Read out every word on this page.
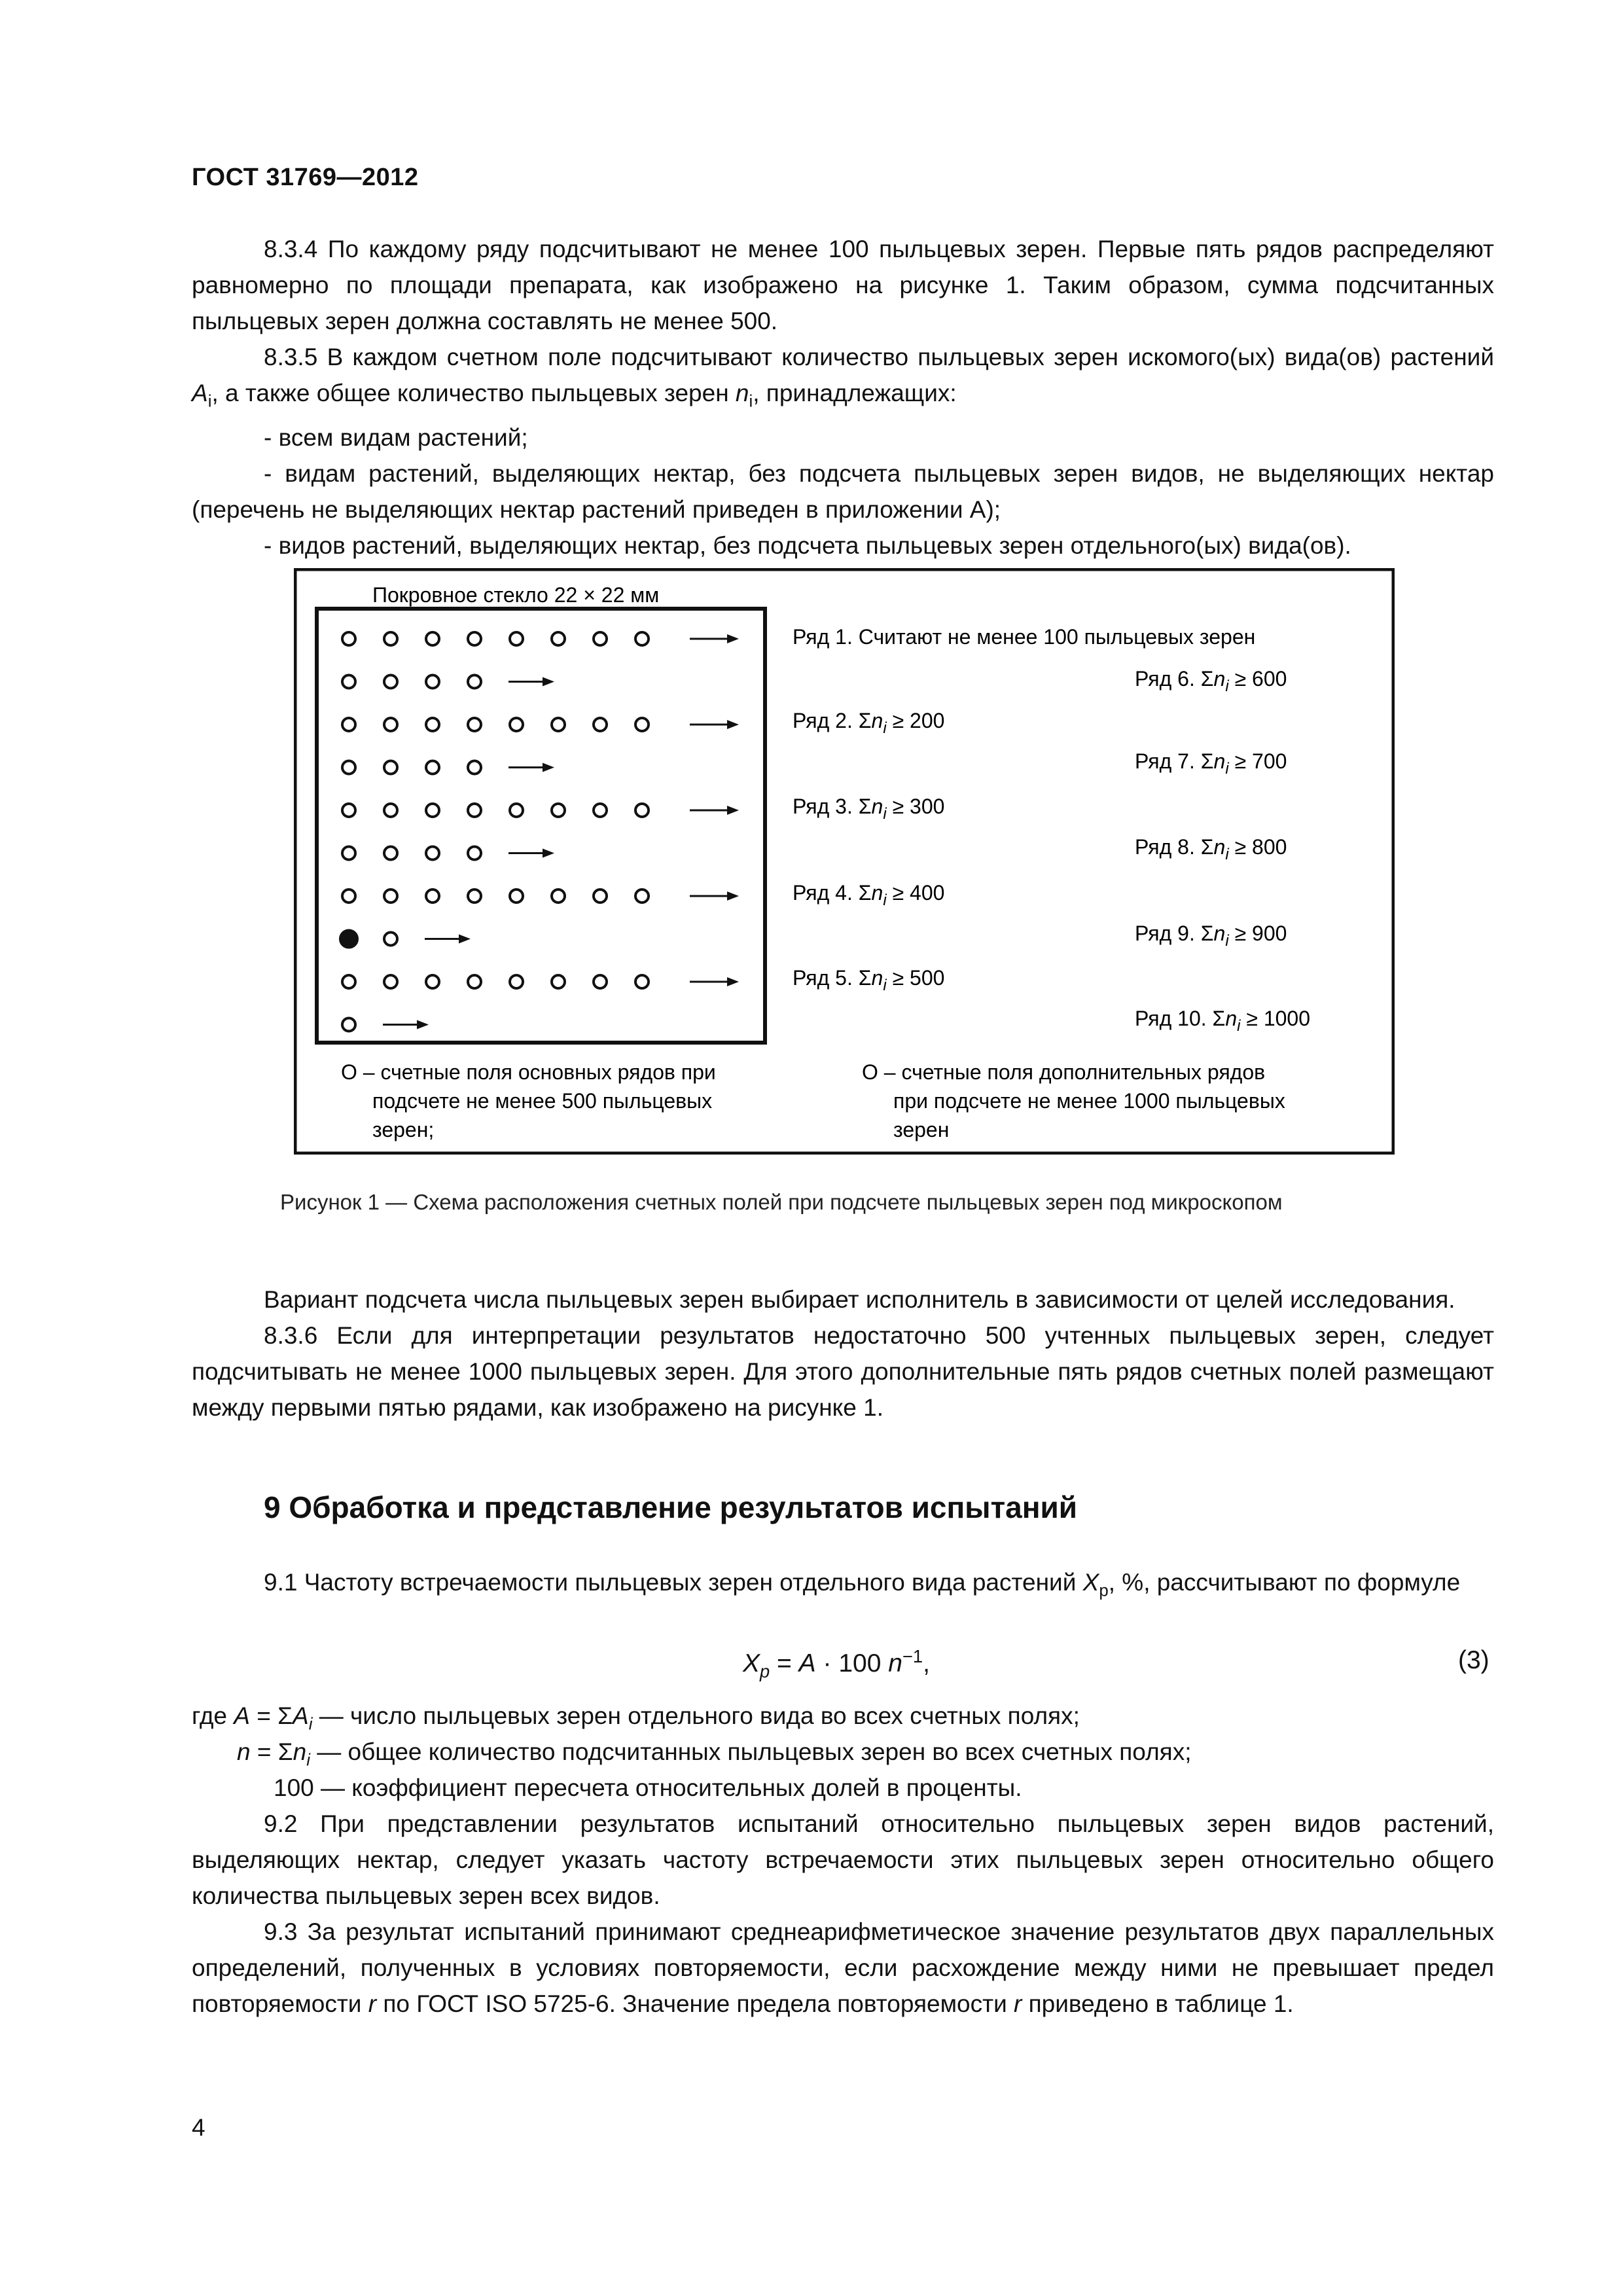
ГОСТ 31769—2012

8.3.4 По каждому ряду подсчитывают не менее 100 пыльцевых зерен. Первые пять рядов распределяют равномерно по площади препарата, как изображено на рисунке 1. Таким образом, сумма подсчитанных пыльцевых зерен должна составлять не менее 500.

8.3.5 В каждом счетном поле подсчитывают количество пыльцевых зерен искомого(ых) вида(ов) растений $A_i$, а также общее количество пыльцевых зерен $n_i$, принадлежащих:

- всем видам растений;

- видам растений, выделяющих нектар, без подсчета пыльцевых зерен видов, не выделяющих нектар (перечень не выделяющих нектар растений приведен в приложении А);

- видов растений, выделяющих нектар, без подсчета пыльцевых зерен отдельного(ых) вида(ов).

Покровное стекло 22 × 22 мм
Ряд 1. Считают не менее 100 пыльцевых зерен
Ряд 2. $\Sigma n_i \ge 200$
Ряд 3. $\Sigma n_i \ge 300$
Ряд 4. $\Sigma n_i \ge 400$
Ряд 5. $\Sigma n_i \ge 500$
Ряд 6. $\Sigma n_i \ge 600$
Ряд 7. $\Sigma n_i \ge 700$
Ряд 8. $\Sigma n_i \ge 800$
Ряд 9. $\Sigma n_i \ge 900$
Ряд 10. $\Sigma n_i \ge 1000$
O – счетные поля основных рядов при
подсчете не менее 500 пыльцевых
зерен;
O – счетные поля дополнительных рядов
при подсчете не менее 1000 пыльцевых
зерен
Рисунок 1 — Схема расположения счетных полей при подсчете пыльцевых зерен под микроскопом

Вариант подсчета числа пыльцевых зерен выбирает исполнитель в зависимости от целей исследования.

8.3.6 Если для интерпретации результатов недостаточно 500 учтенных пыльцевых зерен, следует подсчитывать не менее 1000 пыльцевых зерен. Для этого дополнительные пять рядов счетных полей размещают между первыми пятью рядами, как изображено на рисунке 1.

9 Обработка и представление результатов испытаний

9.1 Частоту встречаемости пыльцевых зерен отдельного вида растений $X_р$, %, рассчитывают по формуле

$X_p = A \cdot 100$ $n^{-1}$,	(3)
где $A = \Sigma A_i$ — число пыльцевых зерен отдельного вида во всех счетных полях;
$n = \Sigma n_i$ — общее количество подсчитанных пыльцевых зерен во всех счетных полях;
100 — коэффициент пересчета относительных долей в проценты.

9.2 При представлении результатов испытаний относительно пыльцевых зерен видов растений, выделяющих нектар, следует указать частоту встречаемости этих пыльцевых зерен относительно общего количества пыльцевых зерен всех видов.

9.3 За результат испытаний принимают среднеарифметическое значение результатов двух параллельных определений, полученных в условиях повторяемости, если расхождение между ними не превышает предел повторяемости r по ГОСТ ISO 5725-6. Значение предела повторяемости r приведено в таблице 1.

4
